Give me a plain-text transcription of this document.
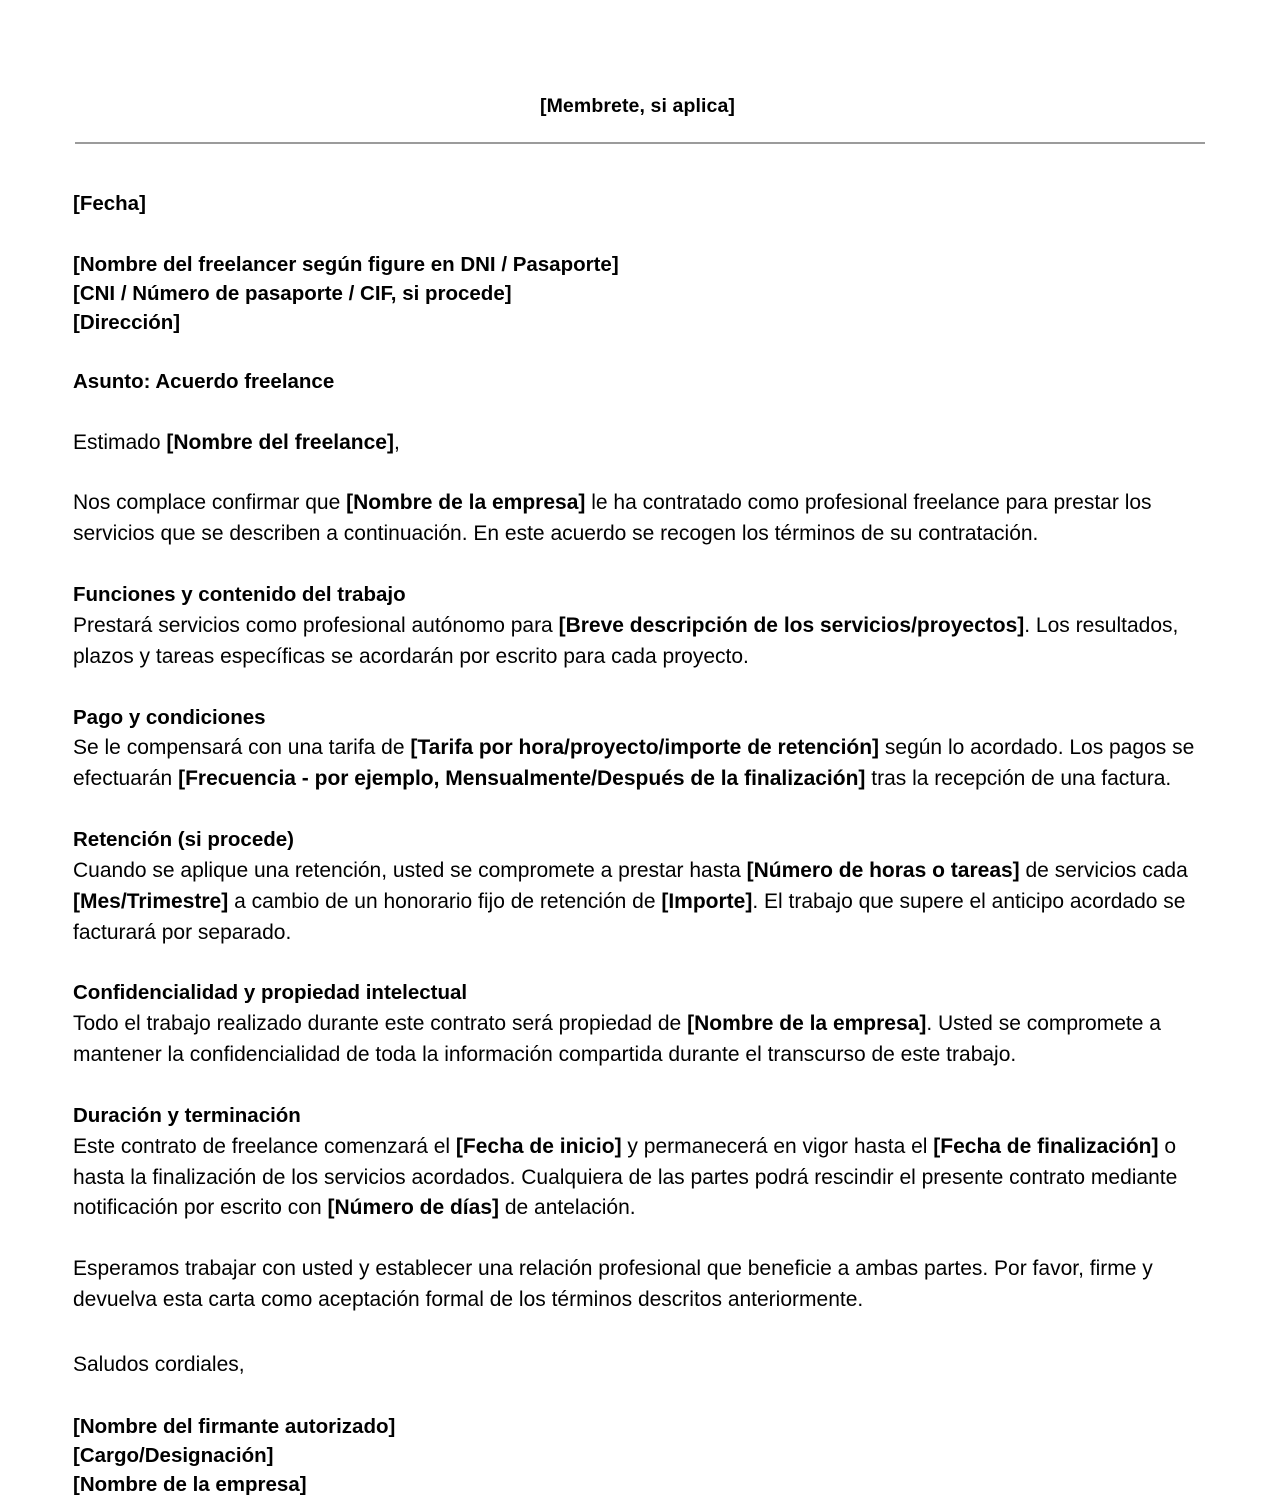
[Membrete, si aplica]

[Fecha]

[Nombre del freelancer según figure en DNI / Pasaporte]

[CNI / Número de pasaporte / CIF, si procede]

[Dirección]

Asunto: Acuerdo freelance

Estimado [Nombre del freelance],

Nos complace confirmar que [Nombre de la empresa] le ha contratado como profesional freelance para prestar los servicios que se describen a continuación. En este acuerdo se recogen los términos de su contratación.

Funciones y contenido del trabajo

Prestará servicios como profesional autónomo para [Breve descripción de los servicios/proyectos]. Los resultados, plazos y tareas específicas se acordarán por escrito para cada proyecto.

Pago y condiciones

Se le compensará con una tarifa de [Tarifa por hora/proyecto/importe de retención] según lo acordado. Los pagos se efectuarán [Frecuencia - por ejemplo, Mensualmente/Después de la finalización] tras la recepción de una factura.

Retención (si procede)

Cuando se aplique una retención, usted se compromete a prestar hasta [Número de horas o tareas] de servicios cada [Mes/Trimestre] a cambio de un honorario fijo de retención de [Importe]. El trabajo que supere el anticipo acordado se facturará por separado.

Confidencialidad y propiedad intelectual

Todo el trabajo realizado durante este contrato será propiedad de [Nombre de la empresa]. Usted se compromete a mantener la confidencialidad de toda la información compartida durante el transcurso de este trabajo.

Duración y terminación

Este contrato de freelance comenzará el [Fecha de inicio] y permanecerá en vigor hasta el [Fecha de finalización] o hasta la finalización de los servicios acordados. Cualquiera de las partes podrá rescindir el presente contrato mediante notificación por escrito con [Número de días] de antelación.

Esperamos trabajar con usted y establecer una relación profesional que beneficie a ambas partes. Por favor, firme y devuelva esta carta como aceptación formal de los términos descritos anteriormente.

Saludos cordiales,

[Nombre del firmante autorizado]

[Cargo/Designación]

[Nombre de la empresa]
